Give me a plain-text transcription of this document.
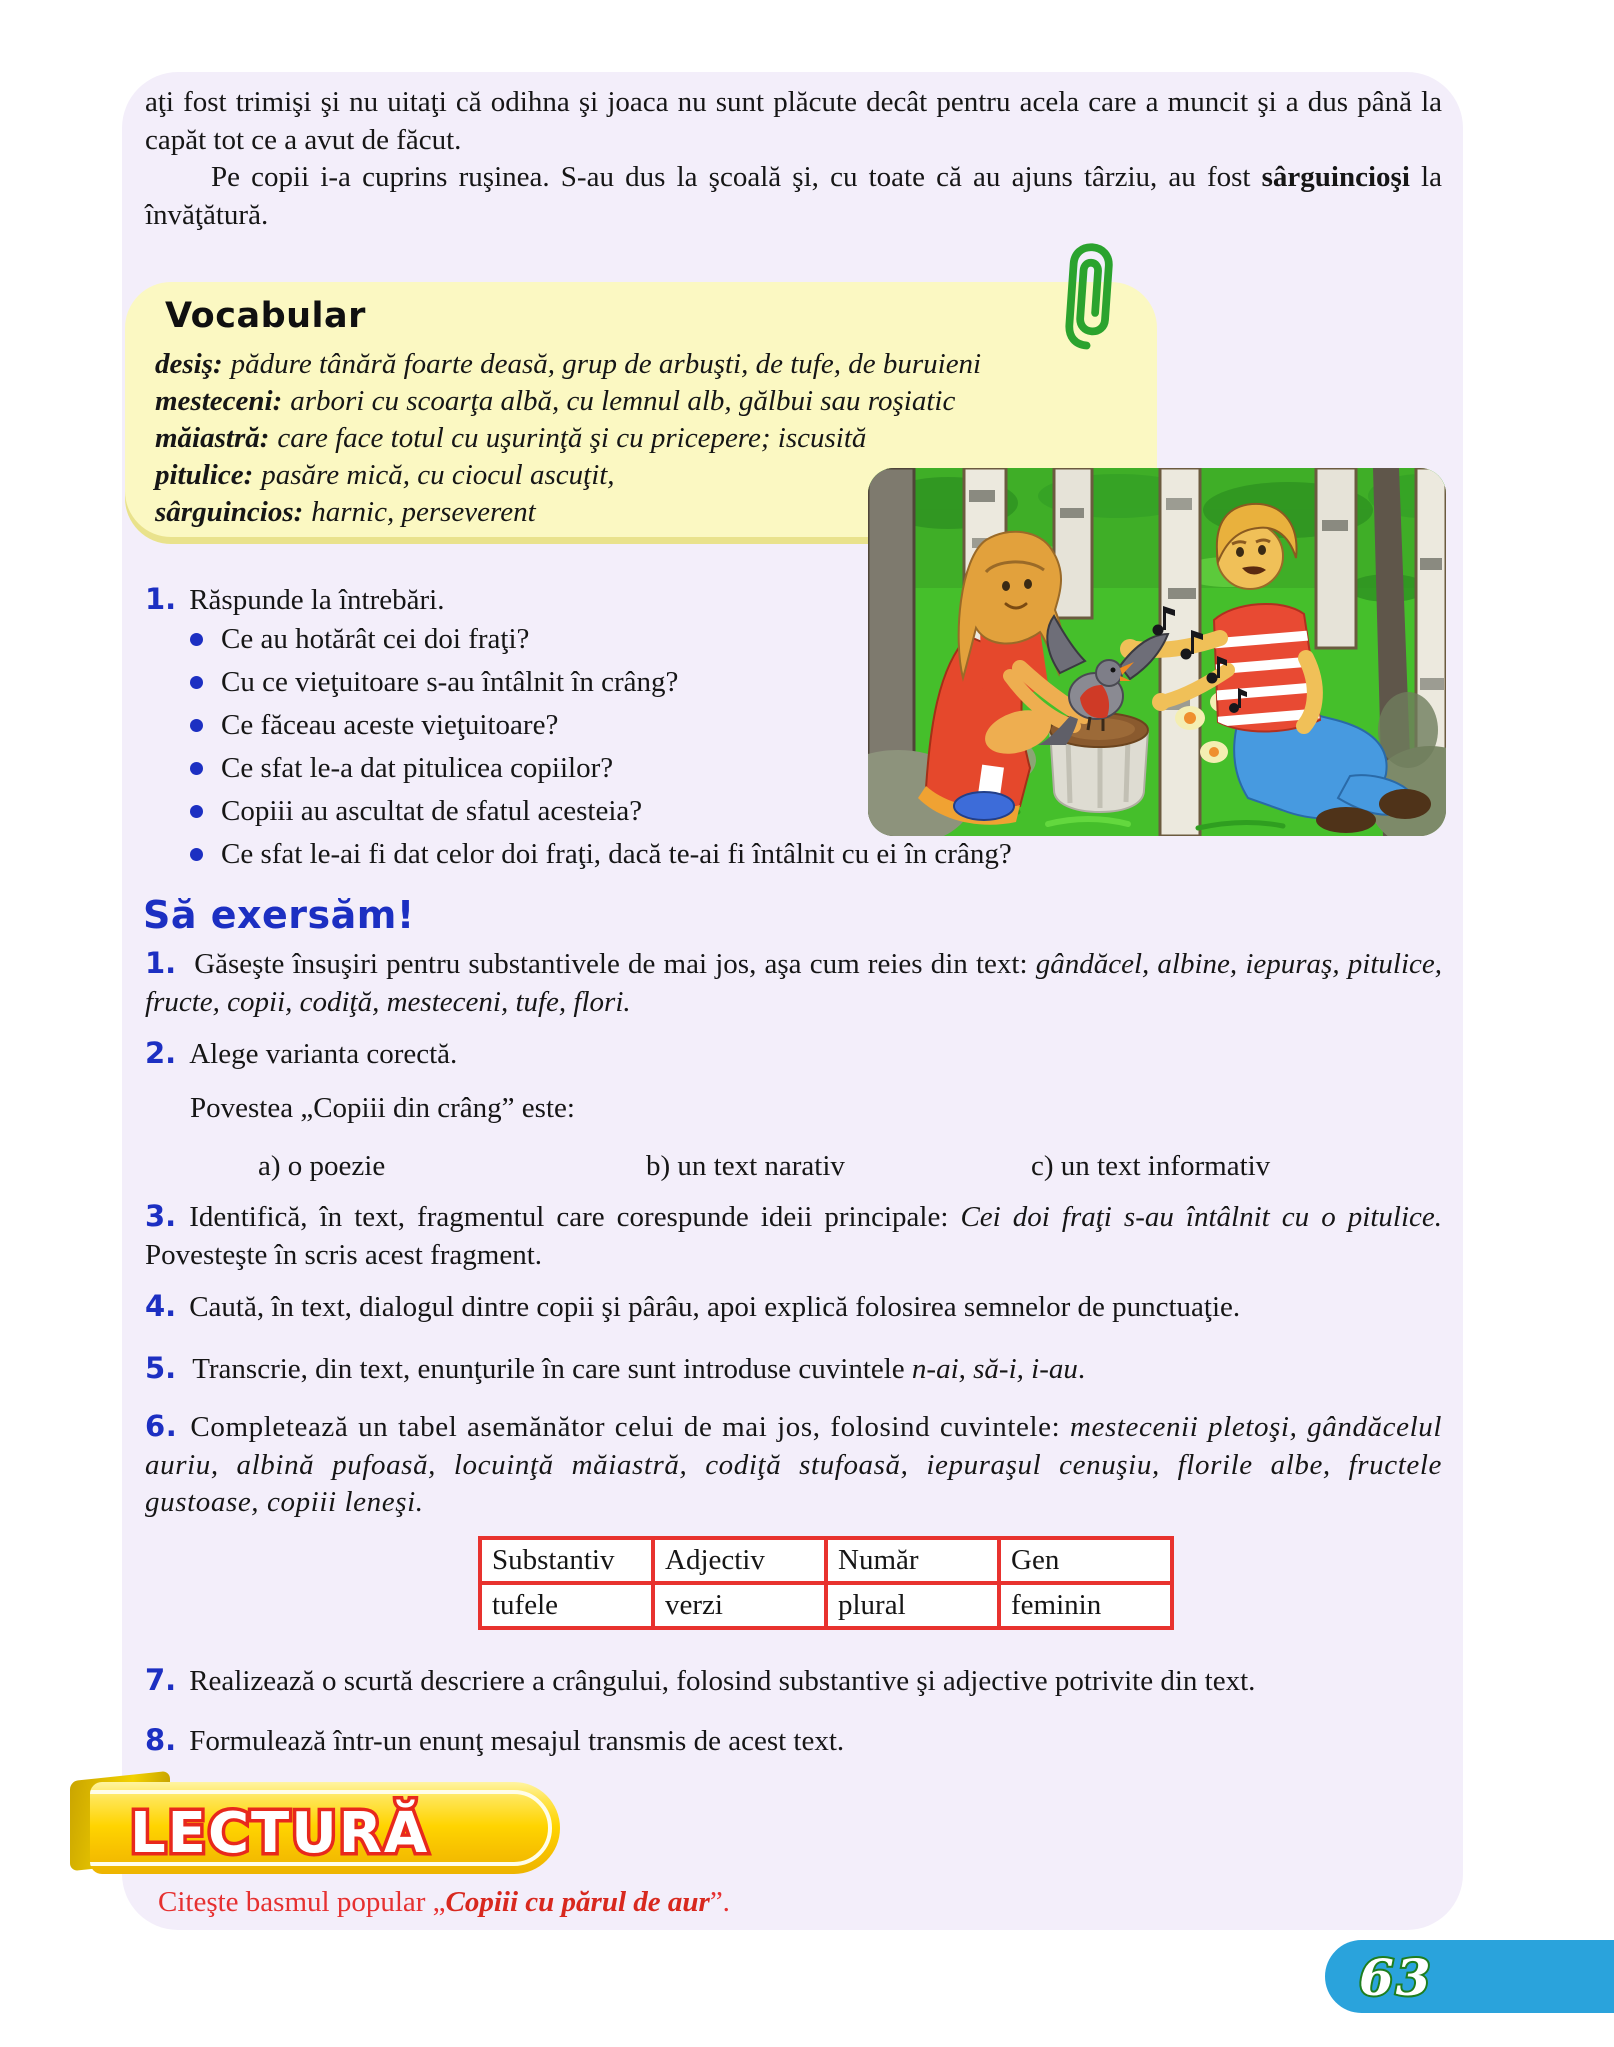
aţi fost trimişi şi nu uitaţi că odihna şi joaca nu sunt plăcute decât pentru acela care a muncit şi a dus până la capăt tot ce a avut de făcut.

Pe copii i-a cuprins ruşinea. S-au dus la şcoală şi, cu toate că au ajuns târziu, au fost sârguincioşi la învăţătură.

Vocabular
desiş: pădure tânără foarte deasă, grup de arbuşti, de tufe, de buruieni
mesteceni: arbori cu scoarţa albă, cu lemnul alb, gălbui sau roşiatic
măiastră: care face totul cu uşurinţă şi cu pricepere; iscusită
pitulice: pasăre mică, cu ciocul ascuţit,
sârguincios: harnic, perseverent
1. Răspunde la întrebări.
Ce au hotărât cei doi fraţi?
Cu ce vieţuitoare s-au întâlnit în crâng?
Ce făceau aceste vieţuitoare?
Ce sfat le-a dat pitulicea copiilor?
Copiii au ascultat de sfatul acesteia?
Ce sfat le-ai fi dat celor doi fraţi, dacă te-ai fi întâlnit cu ei în crâng?
Să exersăm!

1. Găseşte însuşiri pentru substantivele de mai jos, aşa cum reies din text: gândăcel, albine, iepuraş, pitulice, fructe, copii, codiţă, mesteceni, tufe, flori.

2. Alege varianta corectă.

Povestea „Copiii din crâng” este:
a) o poezie	b) un text narativ	c) un text informativ

3. Identifică, în text, fragmentul care corespunde ideii principale: Cei doi fraţi s-au întâlnit cu o pitulice. Povesteşte în scris acest fragment.

4. Caută, în text, dialogul dintre copii şi pârâu, apoi explică folosirea semnelor de punctuaţie.

5. Transcrie, din text, enunţurile în care sunt introduse cuvintele n-ai, să-i, i-au.

6. Completează un tabel asemănător celui de mai jos, folosind cuvintele: mestecenii pletoşi, gândăcelul auriu, albină pufoasă, locuinţă măiastră, codiţă stufoasă, iepuraşul cenuşiu, florile albe, fructele gustoase, copiii leneşi.

Substantiv	Adjectiv	Număr	Gen
tufele	verzi	plural	feminin

7. Realizează o scurtă descriere a crângului, folosind substantive şi adjective potrivite din text.

8. Formulează într-un enunţ mesajul transmis de acest text.

LECTURĂ
Citeşte basmul popular „Copiii cu părul de aur”.
63
